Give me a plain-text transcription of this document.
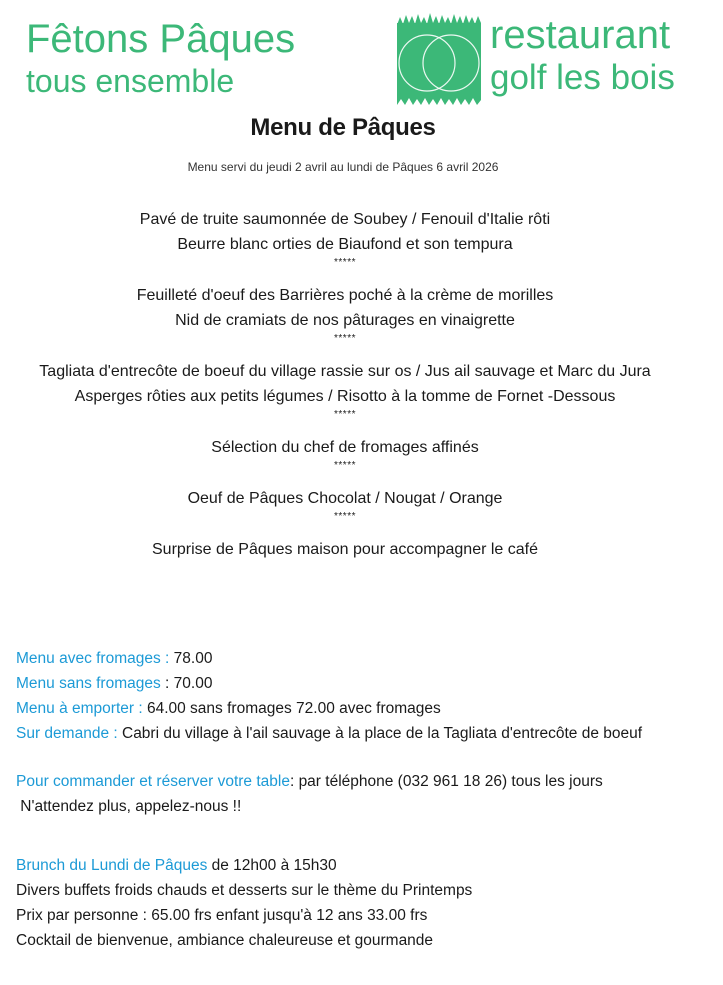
Fêtons Pâques
tous ensemble
restaurant
golf les bois
Menu de Pâques
Menu servi du jeudi 2 avril au lundi de Pâques 6 avril 2026

Pavé de truite saumonnée de Soubey / Fenouil d'Italie rôti

Beurre blanc orties de Biaufond et son tempura

*****

Feuilleté d'oeuf des Barrières poché à la crème de morilles

Nid de cramiats de nos pâturages en vinaigrette

*****

Tagliata d'entrecôte de boeuf du village rassie sur os / Jus ail sauvage et Marc du Jura

Asperges rôties aux petits légumes / Risotto à la tomme de Fornet -Dessous

*****

Sélection du chef de fromages affinés

*****

Oeuf de Pâques Chocolat / Nougat / Orange

*****

Surprise de Pâques maison pour accompagner le café

Menu avec fromages : 78.00

Menu sans fromages : 70.00

Menu à emporter : 64.00 sans fromages 72.00 avec fromages

Sur demande : Cabri du village à l'ail sauvage à la place de la Tagliata d'entrecôte de boeuf

Pour commander et réserver votre table: par téléphone (032 961 18 26) tous les jours

N'attendez plus, appelez-nous !!

Brunch du Lundi de Pâques de 12h00 à 15h30

Divers buffets froids chauds et desserts sur le thème du Printemps

Prix par personne : 65.00 frs enfant jusqu'à 12 ans 33.00 frs

Cocktail de bienvenue, ambiance chaleureuse et gourmande
